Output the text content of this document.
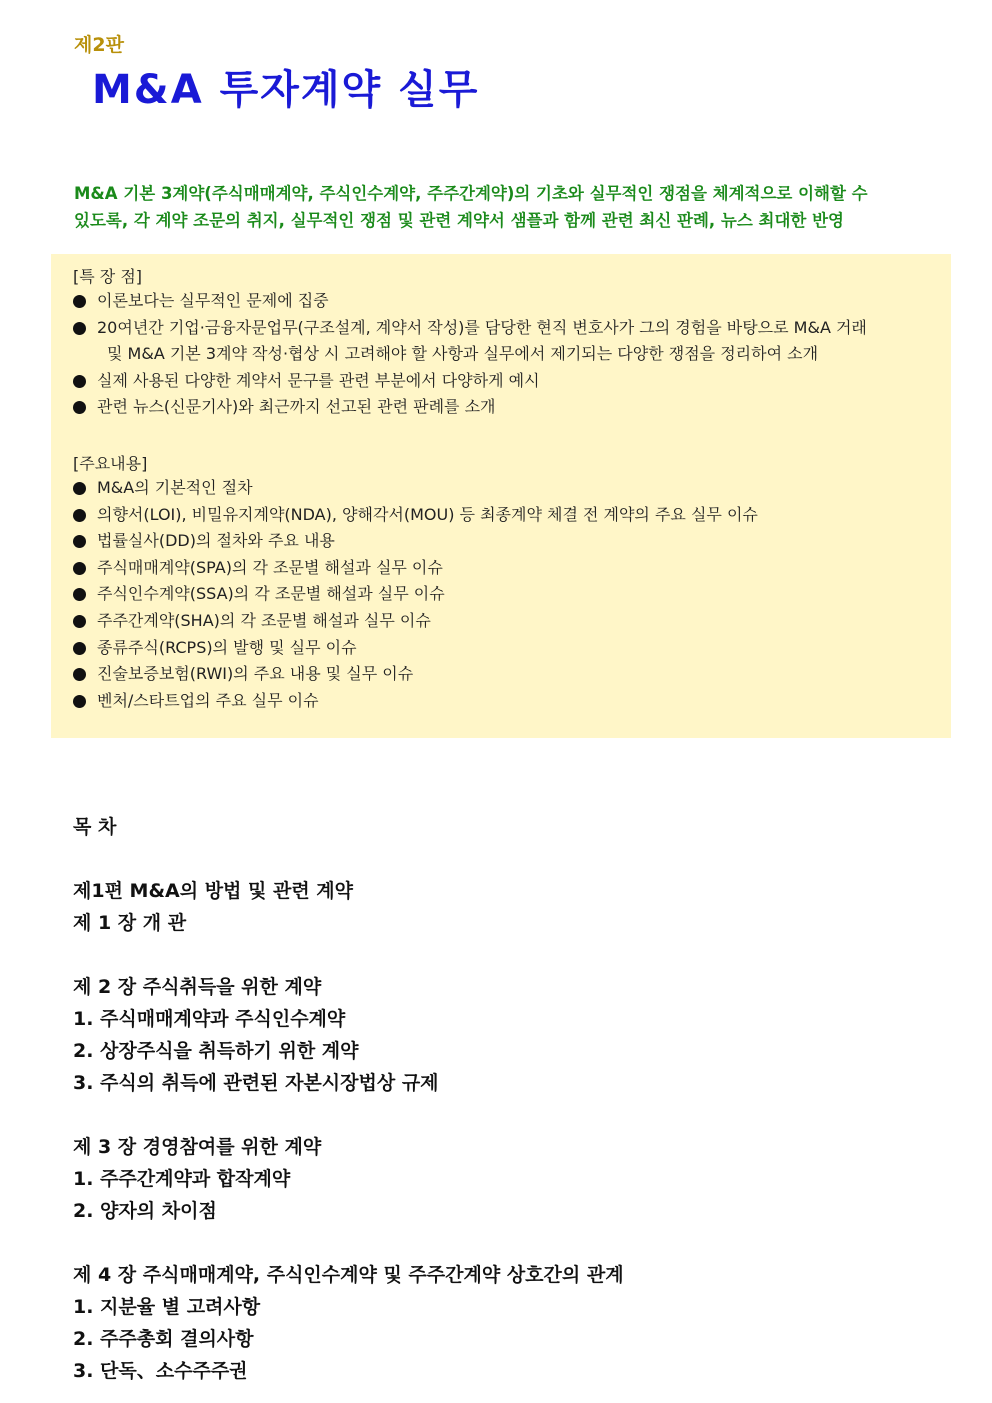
제2판
M&A 투자계약 실무
M&A 기본 3계약(주식매매계약, 주식인수계약, 주주간계약)의 기초와 실무적인 쟁점을 체계적으로 이해할 수
있도록, 각 계약 조문의 취지, 실무적인 쟁점 및 관련 계약서 샘플과 함께 관련 최신 판례, 뉴스 최대한 반영
[특 장 점]
이론보다는 실무적인 문제에 집중
20여년간 기업·금융자문업무(구조설계, 계약서 작성)를 담당한 현직 변호사가 그의 경험을 바탕으로 M&A 거래
및 M&A 기본 3계약 작성·협상 시 고려해야 할 사항과 실무에서 제기되는 다양한 쟁점을 정리하여 소개
실제 사용된 다양한 계약서 문구를 관련 부분에서 다양하게 예시
관련 뉴스(신문기사)와 최근까지 선고된 관련 판례를 소개
[주요내용]
M&A의 기본적인 절차
의향서(LOI), 비밀유지계약(NDA), 양해각서(MOU) 등 최종계약 체결 전 계약의 주요 실무 이슈
법률실사(DD)의 절차와 주요 내용
주식매매계약(SPA)의 각 조문별 해설과 실무 이슈
주식인수계약(SSA)의 각 조문별 해설과 실무 이슈
주주간계약(SHA)의 각 조문별 해설과 실무 이슈
종류주식(RCPS)의 발행 및 실무 이슈
진술보증보험(RWI)의 주요 내용 및 실무 이슈
벤처/스타트업의 주요 실무 이슈
목 차
제1편 M&A의 방법 및 관련 계약
제 1 장 개 관
제 2 장 주식취득을 위한 계약
1. 주식매매계약과 주식인수계약
2. 상장주식을 취득하기 위한 계약
3. 주식의 취득에 관련된 자본시장법상 규제
제 3 장 경영참여를 위한 계약
1. 주주간계약과 합작계약
2. 양자의 차이점
제 4 장 주식매매계약, 주식인수계약 및 주주간계약 상호간의 관계
1. 지분율 별 고려사항
2. 주주총회 결의사항
3. 단독、소수주주권
